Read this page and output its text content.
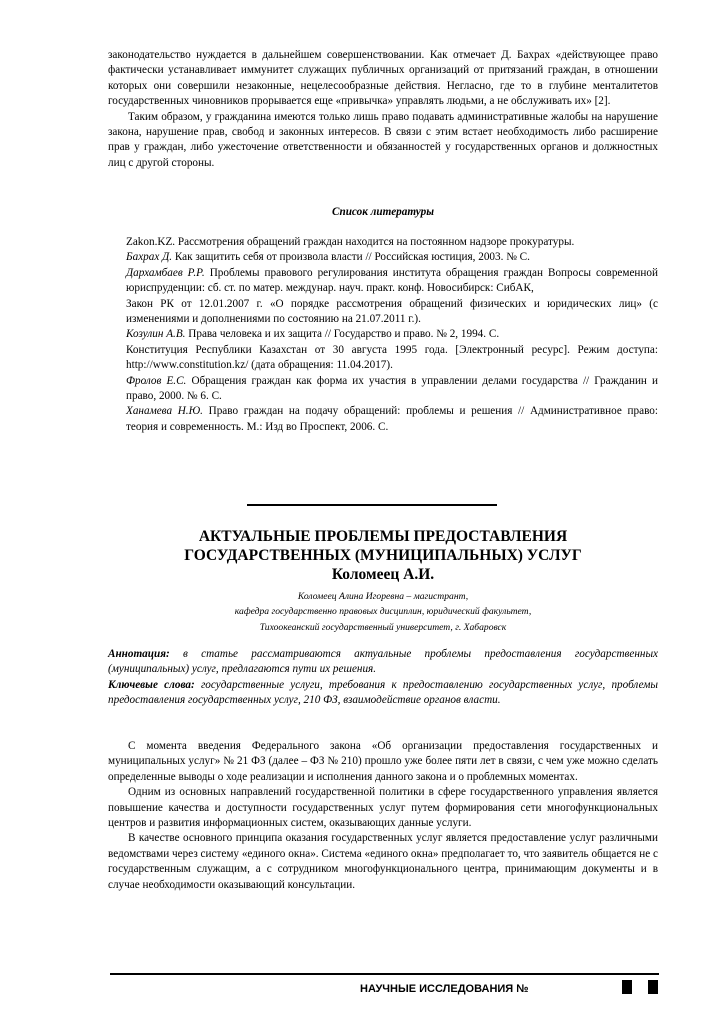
законодательство нуждается в дальнейшем совершенствовании. Как отмечает Д. Бахрах «действующее право фактически устанавливает иммунитет служащих публичных организаций от притязаний граждан, в отношении которых они совершили незаконные, нецелесообразные действия. Негласно, где то в глубине менталитетов государственных чиновников прорывается еще «привычка» управлять людьми, а не обслуживать их» [2].

Таким образом, у гражданина имеются только лишь право подавать административные жалобы на нарушение закона, нарушение прав, свобод и законных интересов. В связи с этим встает необходимость либо расширение прав у граждан, либо ужесточение ответственности и обязанностей у государственных органов и должностных лиц с другой стороны.

Список литературы

Zakon.KZ. Рассмотрения обращений граждан находится на постоянном надзоре прокуратуры.

Бахрах Д. Как защитить себя от произвола власти // Российская юстиция, 2003. № С.

Дархамбаев Р.Р. Проблемы правового регулирования института обращения граждан Вопросы современной юриспруденции: сб. ст. по матер. междунар. науч. практ. конф. Новосибирск: СибАК,

Закон РК от 12.01.2007 г. «О порядке рассмотрения обращений физических и юридических лиц» (с изменениями и дополнениями по состоянию на 21.07.2011 г.).

Козулин А.В. Права человека и их защита // Государство и право. № 2, 1994. С.

Конституция Республики Казахстан от 30 августа 1995 года. [Электронный ресурс]. Режим доступа: http://www.constitution.kz/ (дата обращения: 11.04.2017).

Фролов Е.С. Обращения граждан как форма их участия в управлении делами государства // Гражданин и право, 2000. № 6. С.

Ханамева Н.Ю. Право граждан на подачу обращений: проблемы и решения // Административное право: теория и современность. М.: Изд во Проспект, 2006. С.

АКТУАЛЬНЫЕ ПРОБЛЕМЫ ПРЕДОСТАВЛЕНИЯ
ГОСУДАРСТВЕННЫХ (МУНИЦИПАЛЬНЫХ) УСЛУГ
Коломеец А.И.
Коломеец Алина Игоревна – магистрант,
кафедра государственно правовых дисциплин, юридический факультет,
Тихоокеанский государственный университет, г. Хабаровск

Аннотация: в статье рассматриваются актуальные проблемы предоставления государственных (муниципальных) услуг, предлагаются пути их решения.

Ключевые слова: государственные услуги, требования к предоставлению государственных услуг, проблемы предоставления государственных услуг, 210 ФЗ, взаимодействие органов власти.

С момента введения Федерального закона «Об организации предоставления государственных и муниципальных услуг» № 21 ФЗ (далее – ФЗ № 210) прошло уже более пяти лет в связи, с чем уже можно сделать определенные выводы о ходе реализации и исполнения данного закона и о проблемных моментах.

Одним из основных направлений государственной политики в сфере государственного управления является повышение качества и доступности государственных услуг путем формирования сети многофункциональных центров и развития информационных систем, оказывающих данные услуги.

В качестве основного принципа оказания государственных услуг является предоставление услуг различными ведомствами через систему «единого окна». Система «единого окна» предполагает то, что заявитель общается не с государственным служащим, а с сотрудником многофункционального центра, принимающим документы и в случае необходимости оказывающий консультации.

НАУЧНЫЕ ИССЛЕДОВАНИЯ №
